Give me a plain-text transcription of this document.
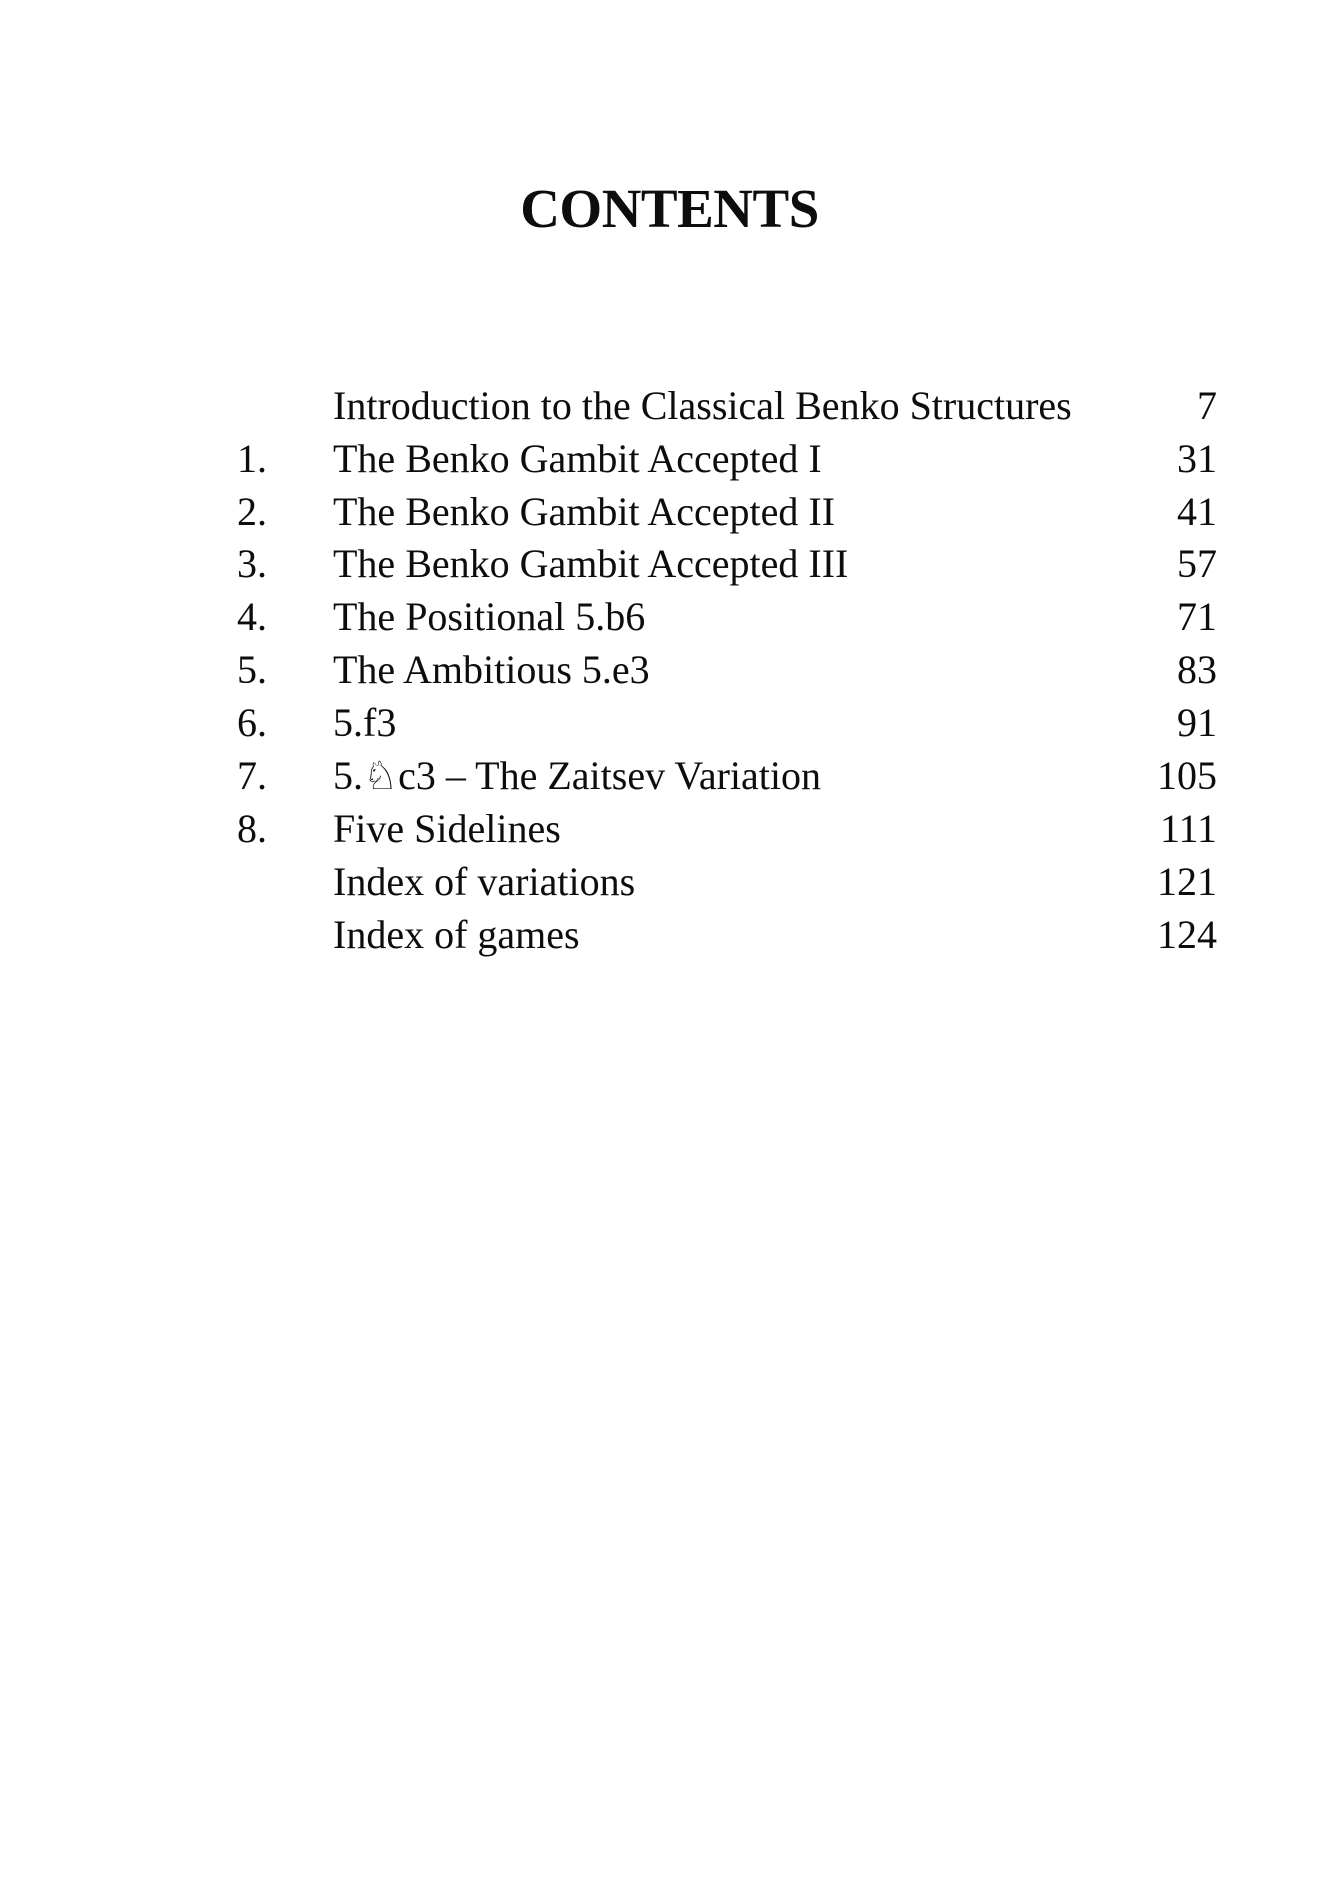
CONTENTS
Introduction to the Classical Benko Structures	7
1.	The Benko Gambit Accepted I	31
2.	The Benko Gambit Accepted II	41
3.	The Benko Gambit Accepted III	57
4.	The Positional 5.b6	71
5.	The Ambitious 5.e3	83
6.	5.f3	91
7.	5.♘c3 – The Zaitsev Variation	105
8.	Five Sidelines	111
Index of variations	121
Index of games	124
